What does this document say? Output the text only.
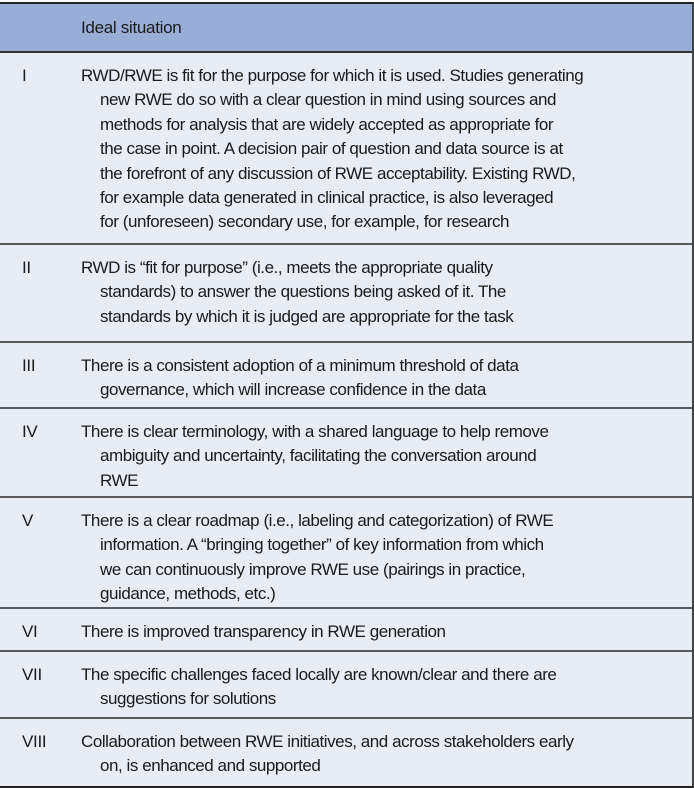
Ideal situation
I	RWD/RWE is fit for the purpose for which it is used. Studies generating
new RWE do so with a clear question in mind using sources and
methods for analysis that are widely accepted as appropriate for
the case in point. A decision pair of question and data source is at
the forefront of any discussion of RWE acceptability. Existing RWD,
for example data generated in clinical practice, is also leveraged
for (unforeseen) secondary use, for example, for research
II	RWD is “fit for purpose” (i.e., meets the appropriate quality
standards) to answer the questions being asked of it. The
standards by which it is judged are appropriate for the task
III	There is a consistent adoption of a minimum threshold of data
governance, which will increase confidence in the data
IV	There is clear terminology, with a shared language to help remove
ambiguity and uncertainty, facilitating the conversation around
RWE
V	There is a clear roadmap (i.e., labeling and categorization) of RWE
information. A “bringing together” of key information from which
we can continuously improve RWE use (pairings in practice,
guidance, methods, etc.)
VI	There is improved transparency in RWE generation
VII The specific challenges faced locally are known/clear and there are
suggestions for solutions
VIII Collaboration between RWE initiatives, and across stakeholders early
on, is enhanced and supported
